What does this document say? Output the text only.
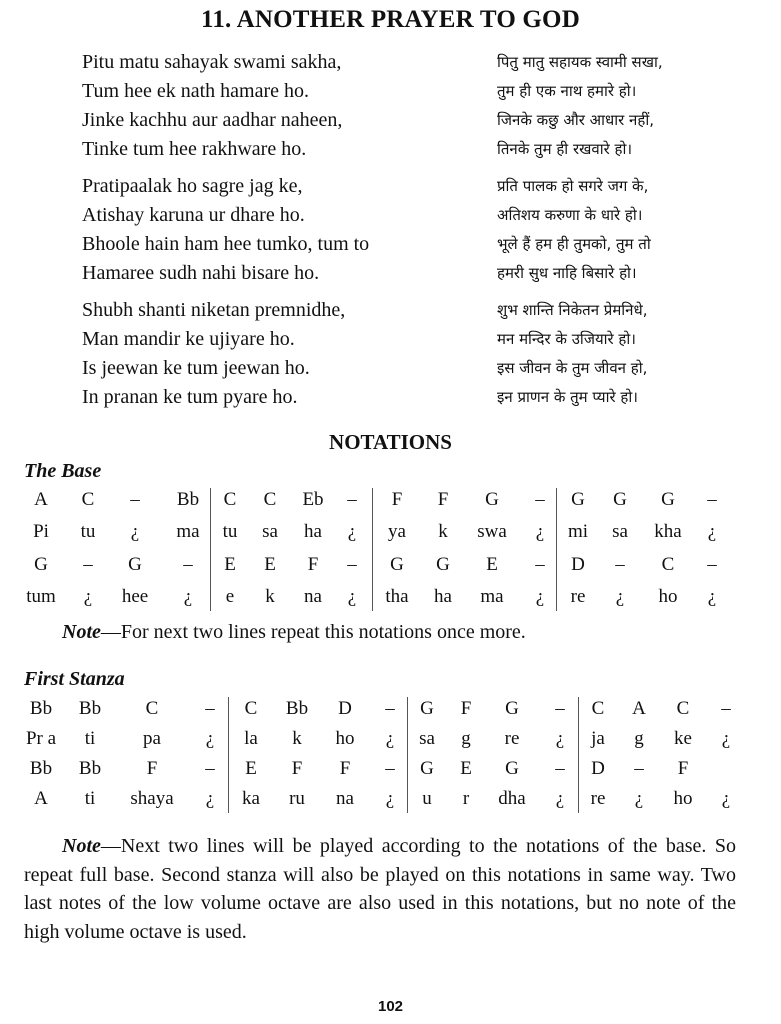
11. ANOTHER PRAYER TO GOD
Pitu matu sahayak swami sakha,	पितु मातु सहायक स्वामी सखा,
Tum hee ek nath hamare ho.	तुम ही एक नाथ हमारे हो।
Jinke kachhu aur aadhar naheen,	जिनके कछु और आधार नहीं,
Tinke tum hee rakhware ho.	तिनके तुम ही रखवारे हो।
Pratipaalak ho sagre jag ke,	प्रति पालक हो सगरे जग के,
Atishay karuna ur dhare ho.	अतिशय करुणा के धारे हो।
Bhoole hain ham hee tumko, tum to	भूले हैं हम ही तुमको, तुम तो
Hamaree sudh nahi bisare ho.	हमरी सुध नाहि बिसारे हो।
Shubh shanti niketan premnidhe,	शुभ शान्ति निकेतन प्रेमनिधे,
Man mandir ke ujiyare ho.	मन मन्दिर के उजियारे हो।
Is jeewan ke tum jeewan ho.	इस जीवन के तुम जीवन हो,
In pranan ke tum pyare ho.	इन प्राणन के तुम प्यारे हो।
NOTATIONS
The Base
A C – Bb C C Eb – F F G – G G G –
Pi tu ¿ ma tu sa ha ¿ ya k swa ¿ mi sa kha ¿
G – G – E E F – G G E – D – C –
tum ¿ hee ¿ e k na ¿ tha ha ma ¿ re ¿ ho ¿
Note—For next two lines repeat this notations once more.
First Stanza
Bb Bb C – C Bb D – G F G – C A C –
Pr a ti	pa ¿ la k ho ¿ sa g re ¿ ja g ke ¿
Bb Bb F	– E F F – G E G – D – F
A ti shaya ¿ ka ru na ¿ u r dha ¿ re ¿ ho ¿
Note—Next two lines will be played according to the notations of the base. So repeat full base. Second stanza will also be played on this notations in same way. Two last notes of the low volume octave are also used in this notations, but no note of the high volume octave is used.
102
